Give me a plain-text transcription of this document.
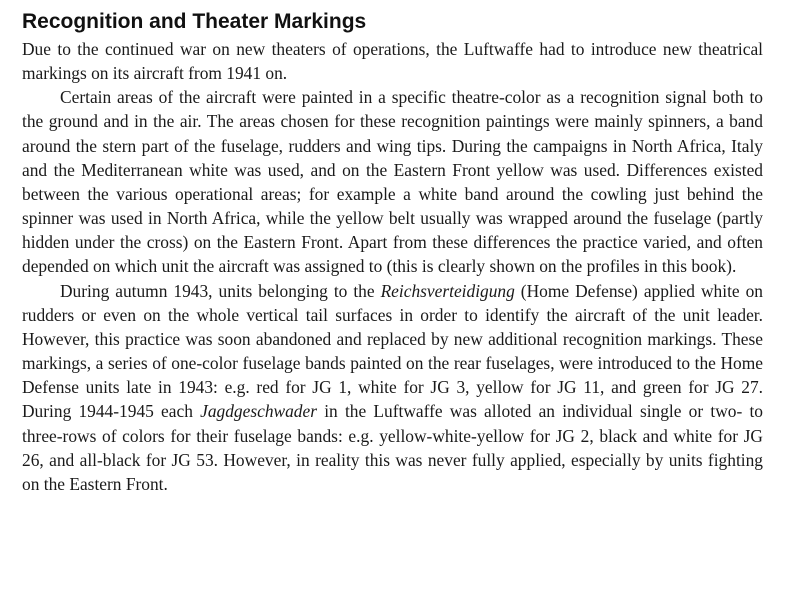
Recognition and Theater Markings

Due to the continued war on new theaters of operations, the Luftwaffe had to introduce new theatrical markings on its aircraft from 1941 on.

Certain areas of the aircraft were painted in a specific theatre-color as a recognition signal both to the ground and in the air. The areas chosen for these recognition paintings were mainly spinners, a band around the stern part of the fuselage, rudders and wing tips. During the campaigns in North Africa, Italy and the Mediterranean white was used, and on the Eastern Front yellow was used. Differences existed between the various operational areas; for example a white band around the cowling just behind the spinner was used in North Africa, while the yellow belt usually was wrapped around the fuselage (partly hidden under the cross) on the Eastern Front. Apart from these differences the practice varied, and often depended on which unit the aircraft was assigned to (this is clearly shown on the profiles in this book).

During autumn 1943, units belonging to the Reichsverteidigung (Home Defense) applied white on rudders or even on the whole vertical tail surfaces in order to identify the aircraft of the unit leader. However, this practice was soon abandoned and replaced by new additional recognition markings. These markings, a series of one-color fuselage bands painted on the rear fuselages, were introduced to the Home Defense units late in 1943: e.g. red for JG 1, white for JG 3, yellow for JG 11, and green for JG 27. During 1944-1945 each Jagdgeschwader in the Luftwaffe was alloted an individual single or two- to three-rows of colors for their fuselage bands: e.g. yellow-white-yellow for JG 2, black and white for JG 26, and all-black for JG 53. However, in reality this was never fully applied, especially by units fighting on the Eastern Front.
